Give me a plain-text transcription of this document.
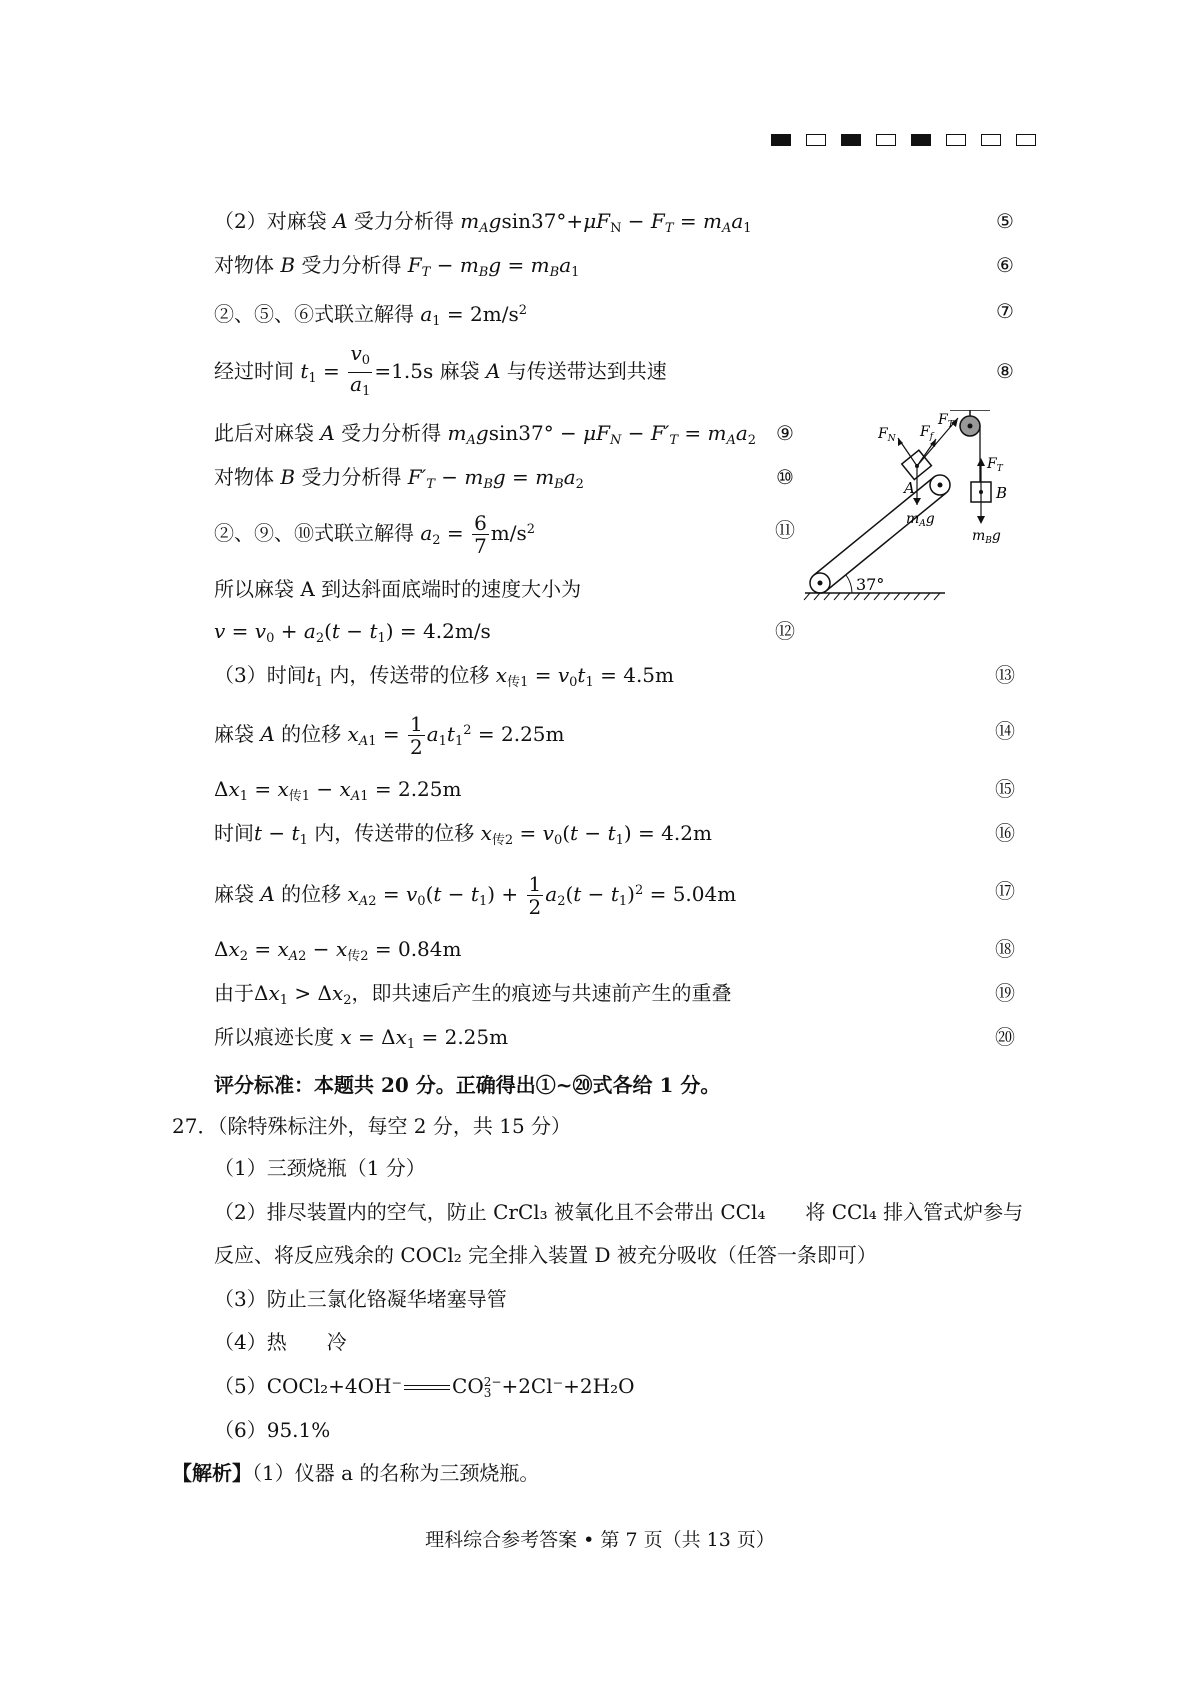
（2）对麻袋 A 受力分析得 $m_Agsin37^\circ+\mu F_N - F_T = m_Aa_1$	⑤
对物体 B 受力分析得 $F_T - m_Bg = m_Ba_1$	⑥
②、⑤、⑥式联立解得 $a_1 = 2m/s^2$	⑦
经过时间 $t_1 = \frac{v_0}{a_1} =1.5s$ 麻袋 A 与传送带达到共速	⑧
此后对麻袋 A 受力分析得 $m_Agsin37^\circ - \mu F_N - F'_T = m_Aa_2$ ⑨
对物体 B 受力分析得 $F'_T - m_Bg = m_Ba_2$	⑩
②、⑨、⑩式联立解得 $a_2 = \frac{6}{7} m/s^2$	⑪
所以麻袋 A 到达斜面底端时的速度大小为
$v = v_0 + a_2(t - t_1) = 4.2m/s$	⑫
（3）时间$t_1$ 内，传送带的位移 $x_{传1} = v_0t_1 = 4.5m$	⑬
麻袋 A 的位移 $x_{A1} = \frac{1}{2} a_1t_1^2 = 2.25m$	⑭
$\Delta x_1 = x_{传1} - x_{A1} = 2.25m$	⑮
时间$t - t_1$ 内，传送带的位移 $x_{传2} = v_0(t - t_1) = 4.2m$	⑯
麻袋 A 的位移 $x_{A2} = v_0(t - t_1) + \frac{1}{2} a_2(t - t_1)^2 = 5.04m$	⑰
$\Delta x_2 = x_{A2} - x_{传2} = 0.84m$	⑱
由于$\Delta x_1 > \Delta x_2$，即共速后产生的痕迹与共速前产生的重叠	⑲
所以痕迹长度 $x = \Delta x_1 = 2.25m$	⑳
评分标准：本题共 20 分。正确得出①~⑳式各给 1 分。
37°
A
$F_N$ $F_f$
$F_T$
$m_Ag$
B
$F_T$
$m_Bg$
27．（除特殊标注外，每空 2 分，共 15 分）
（1）三颈烧瓶（1 分）
（2）排尽装置内的空气，防止 CrCl₃ 被氧化且不会带出 CCl₄　　将 CCl₄ 排入管式炉参与
反应、将反应残余的 COCl₂ 完全排入装置 D 被充分吸收（任答一条即可）
（3）防止三氯化铬凝华堵塞导管
（4）热　　冷
（5）COCl₂+4OH⁻	CO 2−
3 +2Cl⁻+2H₂O
（6）95.1%
【解析】（1）仪器 a 的名称为三颈烧瓶。
理科综合参考答案 • 第 7 页（共 13 页）
